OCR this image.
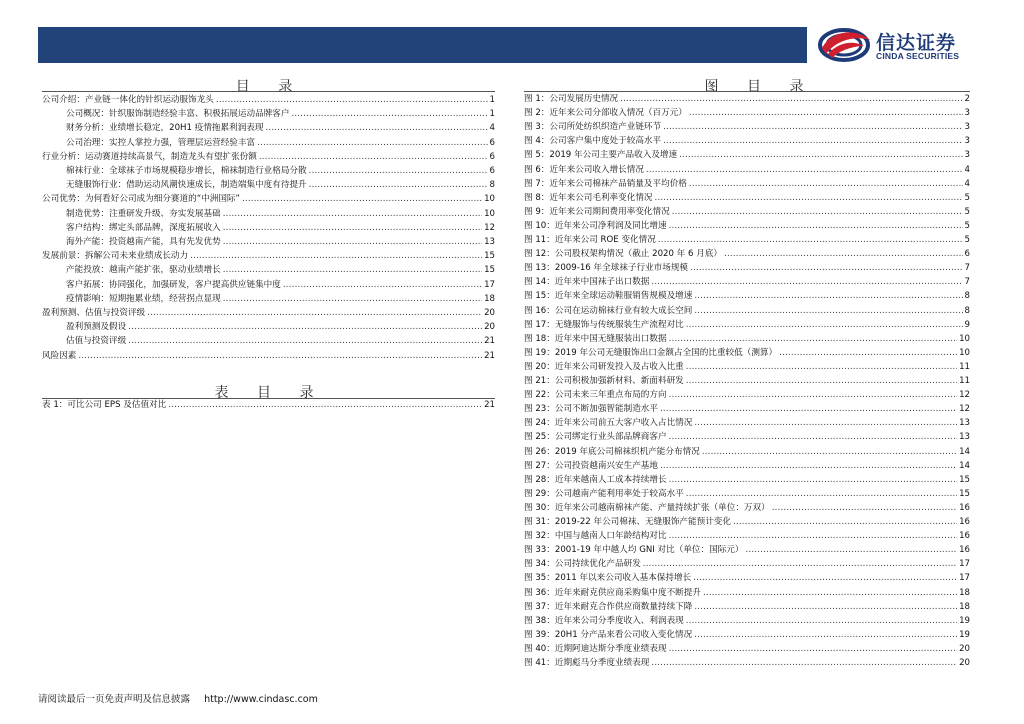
信达证券
CINDA SECURITIES
目 录
公司介绍：产业链一体化的针织运动服饰龙头 .....	1
公司概况：针织服饰制造经验丰富、积极拓展运动品牌客户 .....	1
财务分析：业绩增长稳定，20H1 疫情拖累利润表现 .....	4
公司治理：实控人掌控力强，管理层运营经验丰富 .....	6
行业分析：运动赛道持续高景气，制造龙头有望扩张份额 .....	6
棉袜行业：全球袜子市场规模稳步增长，棉袜制造行业格局分散 .....	6
无缝服饰行业：借助运动风潮快速成长，制造端集中度有待提升 .....	8
公司优势：为何看好公司成为细分赛道的“中洲国际” .....	10
制造优势：注重研发升级、夯实发展基础 .....	10
客户结构：绑定头部品牌，深度拓展收入 .....	12
海外产能：投资越南产能，具有先发优势 .....	13
发展前景：拆解公司未来业绩成长动力 .....	15
产能投放：越南产能扩张，驱动业绩增长 .....	15
客户拓展：协同强化，加强研发，客户提高供应链集中度 .....	17
疫情影响：短期拖累业绩，经营拐点显现 .....	18
盈利预测、估值与投资评级 .....	20
盈利预测及假设 .....	20
估值与投资评级 .....	21
风险因素 .....	21
表 目 录
表 1：可比公司 EPS 及估值对比 .....	21
图 目 录
图 1：公司发展历史情况 .....	2
图 2：近年来公司分部收入情况（百万元） .....	3
图 3：公司所处纺织织造产业链环节 .....	3
图 4：公司客户集中度处于较高水平 .....	3
图 5：2019 年公司主要产品收入及增速 .....	3
图 6：近年来公司收入增长情况 .....	4
图 7：近年来公司棉袜产品销量及平均价格 .....	4
图 8：近年来公司毛利率变化情况 .....	5
图 9：近年来公司期间费用率变化情况 .....	5
图 10：近年来公司净利润及同比增速 .....	5
图 11：近年来公司 ROE 变化情况 .....	5
图 12：公司股权架构情况（截止 2020 年 6 月底） .....	6
图 13：2009-16 年全球袜子行业市场规模 .....	7
图 14：近年来中国袜子出口数据 .....	7
图 15：近年来全球运动鞋服销售规模及增速 .....	8
图 16：公司在运动棉袜行业有较大成长空间 .....	8
图 17：无缝服饰与传统服装生产流程对比 .....	9
图 18：近年来中国无缝服装出口数据 .....	10
图 19：2019 年公司无缝服饰出口金额占全国的比重较低（测算） .....	10
图 20：近年来公司研发投入及占收入比重 .....	11
图 21：公司积极加强新材料、新面料研发 .....	11
图 22：公司未来三年重点布局的方向 .....	12
图 23：公司不断加强智能制造水平 .....	12
图 24：近年来公司前五大客户收入占比情况 .....	13
图 25：公司绑定行业头部品牌商客户 .....	13
图 26：2019 年底公司棉袜织机产能分布情况 .....	14
图 27：公司投资越南兴安生产基地 .....	14
图 28：近年来越南人工成本持续增长 .....	15
图 29：公司越南产能利用率处于较高水平 .....	15
图 30：近年来公司越南棉袜产能、产量持续扩张（单位：万双） .....	16
图 31：2019-22 年公司棉袜、无缝服饰产能预计变化 .....	16
图 32：中国与越南人口年龄结构对比 .....	16
图 33：2001-19 年中越人均 GNI 对比（单位：国际元） .....	16
图 34：公司持续优化产品研发 .....	17
图 35：2011 年以来公司收入基本保持增长 .....	17
图 36：近年来耐克供应商采购集中度不断提升 .....	18
图 37：近年来耐克合作供应商数量持续下降 .....	18
图 38：近年来公司分季度收入、利润表现 .....	19
图 39：20H1 分产品来看公司收入变化情况 .....	19
图 40：近期阿迪达斯分季度业绩表现 .....	20
图 41：近期彪马分季度业绩表现 .....	20
请阅读最后一页免责声明及信息披露 http://www.cindasc.com
